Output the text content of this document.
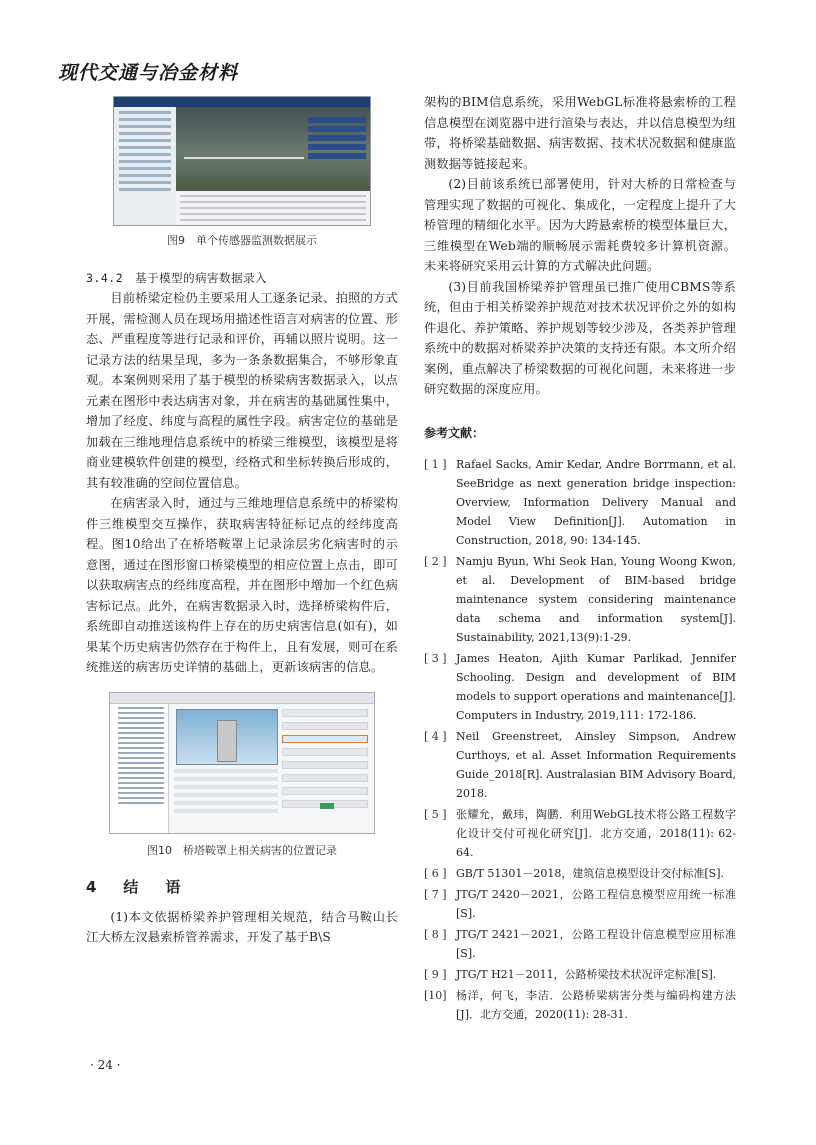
现代交通与冶金材料

图9　单个传感器监测数据展示

3.4.2　基于模型的病害数据录入

目前桥梁定检仍主要采用人工逐条记录、拍照的方式开展，需检测人员在现场用描述性语言对病害的位置、形态、严重程度等进行记录和评价，再辅以照片说明。这一记录方法的结果呈现，多为一条条数据集合，不够形象直观。本案例则采用了基于模型的桥梁病害数据录入，以点元素在图形中表达病害对象，并在病害的基础属性集中，增加了经度、纬度与高程的属性字段。病害定位的基础是加载在三维地理信息系统中的桥梁三维模型，该模型是将商业建模软件创建的模型，经格式和坐标转换后形成的，其有较准确的空间位置信息。

在病害录入时，通过与三维地理信息系统中的桥梁构件三维模型交互操作，获取病害特征标记点的经纬度高程。图10给出了在桥塔鞍罩上记录涂层劣化病害时的示意图，通过在图形窗口桥梁模型的相应位置上点击，即可以获取病害点的经纬度高程，并在图形中增加一个红色病害标记点。此外，在病害数据录入时，选择桥梁构件后，系统即自动推送该构件上存在的历史病害信息(如有)，如果某个历史病害仍然存在于构件上，且有发展，则可在系统推送的病害历史详情的基础上，更新该病害的信息。

图10　桥塔鞍罩上相关病害的位置记录

4　结　语

(1)本文依据桥梁养护管理相关规范，结合马鞍山长江大桥左汊悬索桥管养需求，开发了基于B\S

架构的BIM信息系统，采用WebGL标准将悬索桥的工程信息模型在浏览器中进行渲染与表达，并以信息模型为纽带，将桥梁基础数据、病害数据、技术状况数据和健康监测数据等链接起来。

(2)目前该系统已部署使用，针对大桥的日常检查与管理实现了数据的可视化、集成化，一定程度上提升了大桥管理的精细化水平。因为大跨悬索桥的模型体量巨大，三维模型在Web端的顺畅展示需耗费较多计算机资源。未来将研究采用云计算的方式解决此问题。

(3)目前我国桥梁养护管理虽已推广使用CBMS等系统，但由于相关桥梁养护规范对技术状况评价之外的如构件退化、养护策略、养护规划等较少涉及，各类养护管理系统中的数据对桥梁养护决策的支持还有限。本文所介绍案例，重点解决了桥梁数据的可视化问题，未来将进一步研究数据的深度应用。

参考文献：

[ 1 ] Rafael Sacks, Amir Kedar, Andre Borrmann, et al. SeeBridge as next generation bridge inspection: Overview, Information Delivery Manual and Model View Definition[J]. Automation in Construction, 2018, 90: 134-145.
[ 2 ] Namju Byun, Whi Seok Han, Young Woong Kwon, et al. Development of BIM-based bridge maintenance system considering maintenance data schema and information system[J]. Sustainability, 2021,13(9):1-29.
[ 3 ] James Heaton, Ajith Kumar Parlikad, Jennifer Schooling. Design and development of BIM models to support operations and maintenance[J]. Computers in Industry, 2019,111: 172-186.
[ 4 ] Neil Greenstreet, Ainsley Simpson, Andrew Curthoys, et al. Asset Information Requirements Guide_2018[R]. Australasian BIM Advisory Board, 2018.
[ 5 ] 张耀允，戴玮，陶鹏．利用WebGL技术将公路工程数字化设计交付可视化研究[J]．北方交通，2018(11): 62-64.
[ 6 ] GB/T 51301－2018，建筑信息模型设计交付标准[S].
[ 7 ] JTG/T 2420－2021，公路工程信息模型应用统一标准[S].
[ 8 ] JTG/T 2421－2021，公路工程设计信息模型应用标准[S].
[ 9 ] JTG/T H21－2011，公路桥梁技术状况评定标准[S].
[10] 杨洋，何飞，李洁．公路桥梁病害分类与编码构建方法[J]．北方交通，2020(11): 28-31.
· 24 ·
